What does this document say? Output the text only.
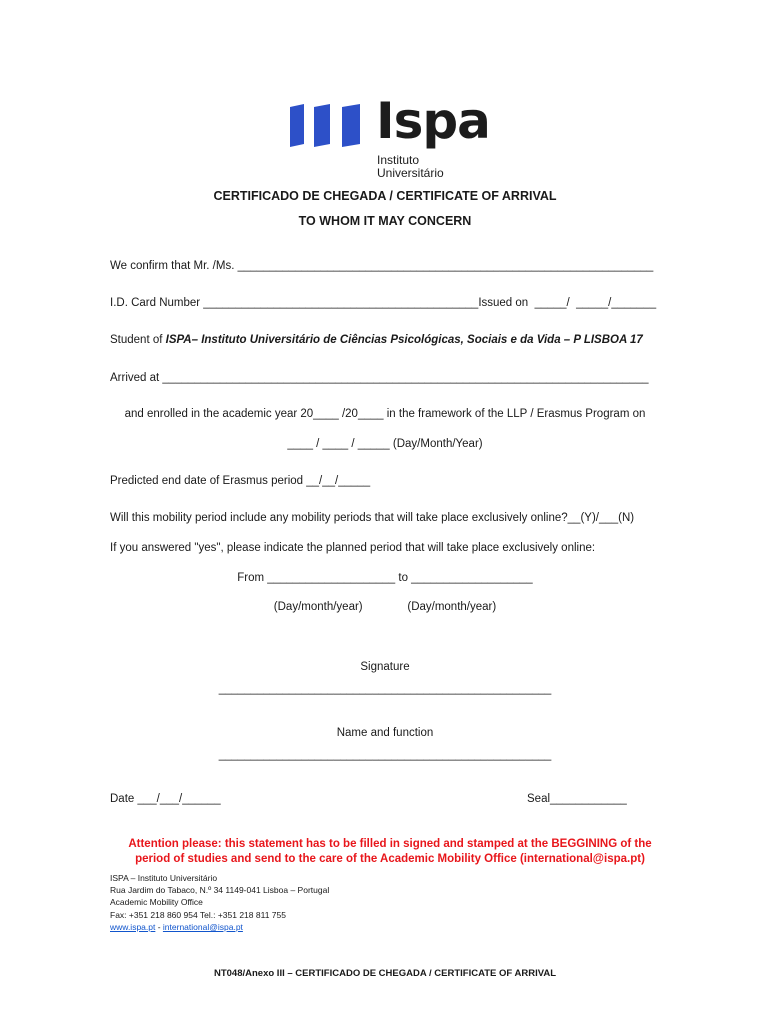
Ispa
Instituto
Universitário
CERTIFICADO DE CHEGADA / CERTIFICATE OF ARRIVAL
TO WHOM IT MAY CONCERN
We confirm that Mr. /Ms. _________________________________________________________________
I.D. Card Number ___________________________________________Issued on  _____/  _____/_______
Student of ISPA– Instituto Universitário de Ciências Psicológicas, Sociais e da Vida – P LISBOA 17
Arrived at ____________________________________________________________________________
and enrolled in the academic year 20____ /20____ in the framework of the LLP / Erasmus Program on
____ / ____ / _____ (Day/Month/Year)
Predicted end date of Erasmus period __/__/_____
Will this mobility period include any mobility periods that will take place exclusively online?__(Y)/___(N)
If you answered "yes", please indicate the planned period that will take place exclusively online:
From ____________________ to ___________________
(Day/month/year)              (Day/month/year)
Signature
____________________________________________________
Name and function
____________________________________________________
Date ___/___/______	Seal____________
Attention please: this statement has to be filled in signed and stamped at the BEGGINING of the period of studies and send to the care of the Academic Mobility Office (international@ispa.pt)
ISPA – Instituto Universitário
Rua Jardim do Tabaco, N.º 34 1149-041 Lisboa – Portugal
Academic Mobility Office
Fax: +351 218 860 954 Tel.: +351 218 811 755
www.ispa.pt - international@ispa.pt
NT048/Anexo III – CERTIFICADO DE CHEGADA / CERTIFICATE OF ARRIVAL
